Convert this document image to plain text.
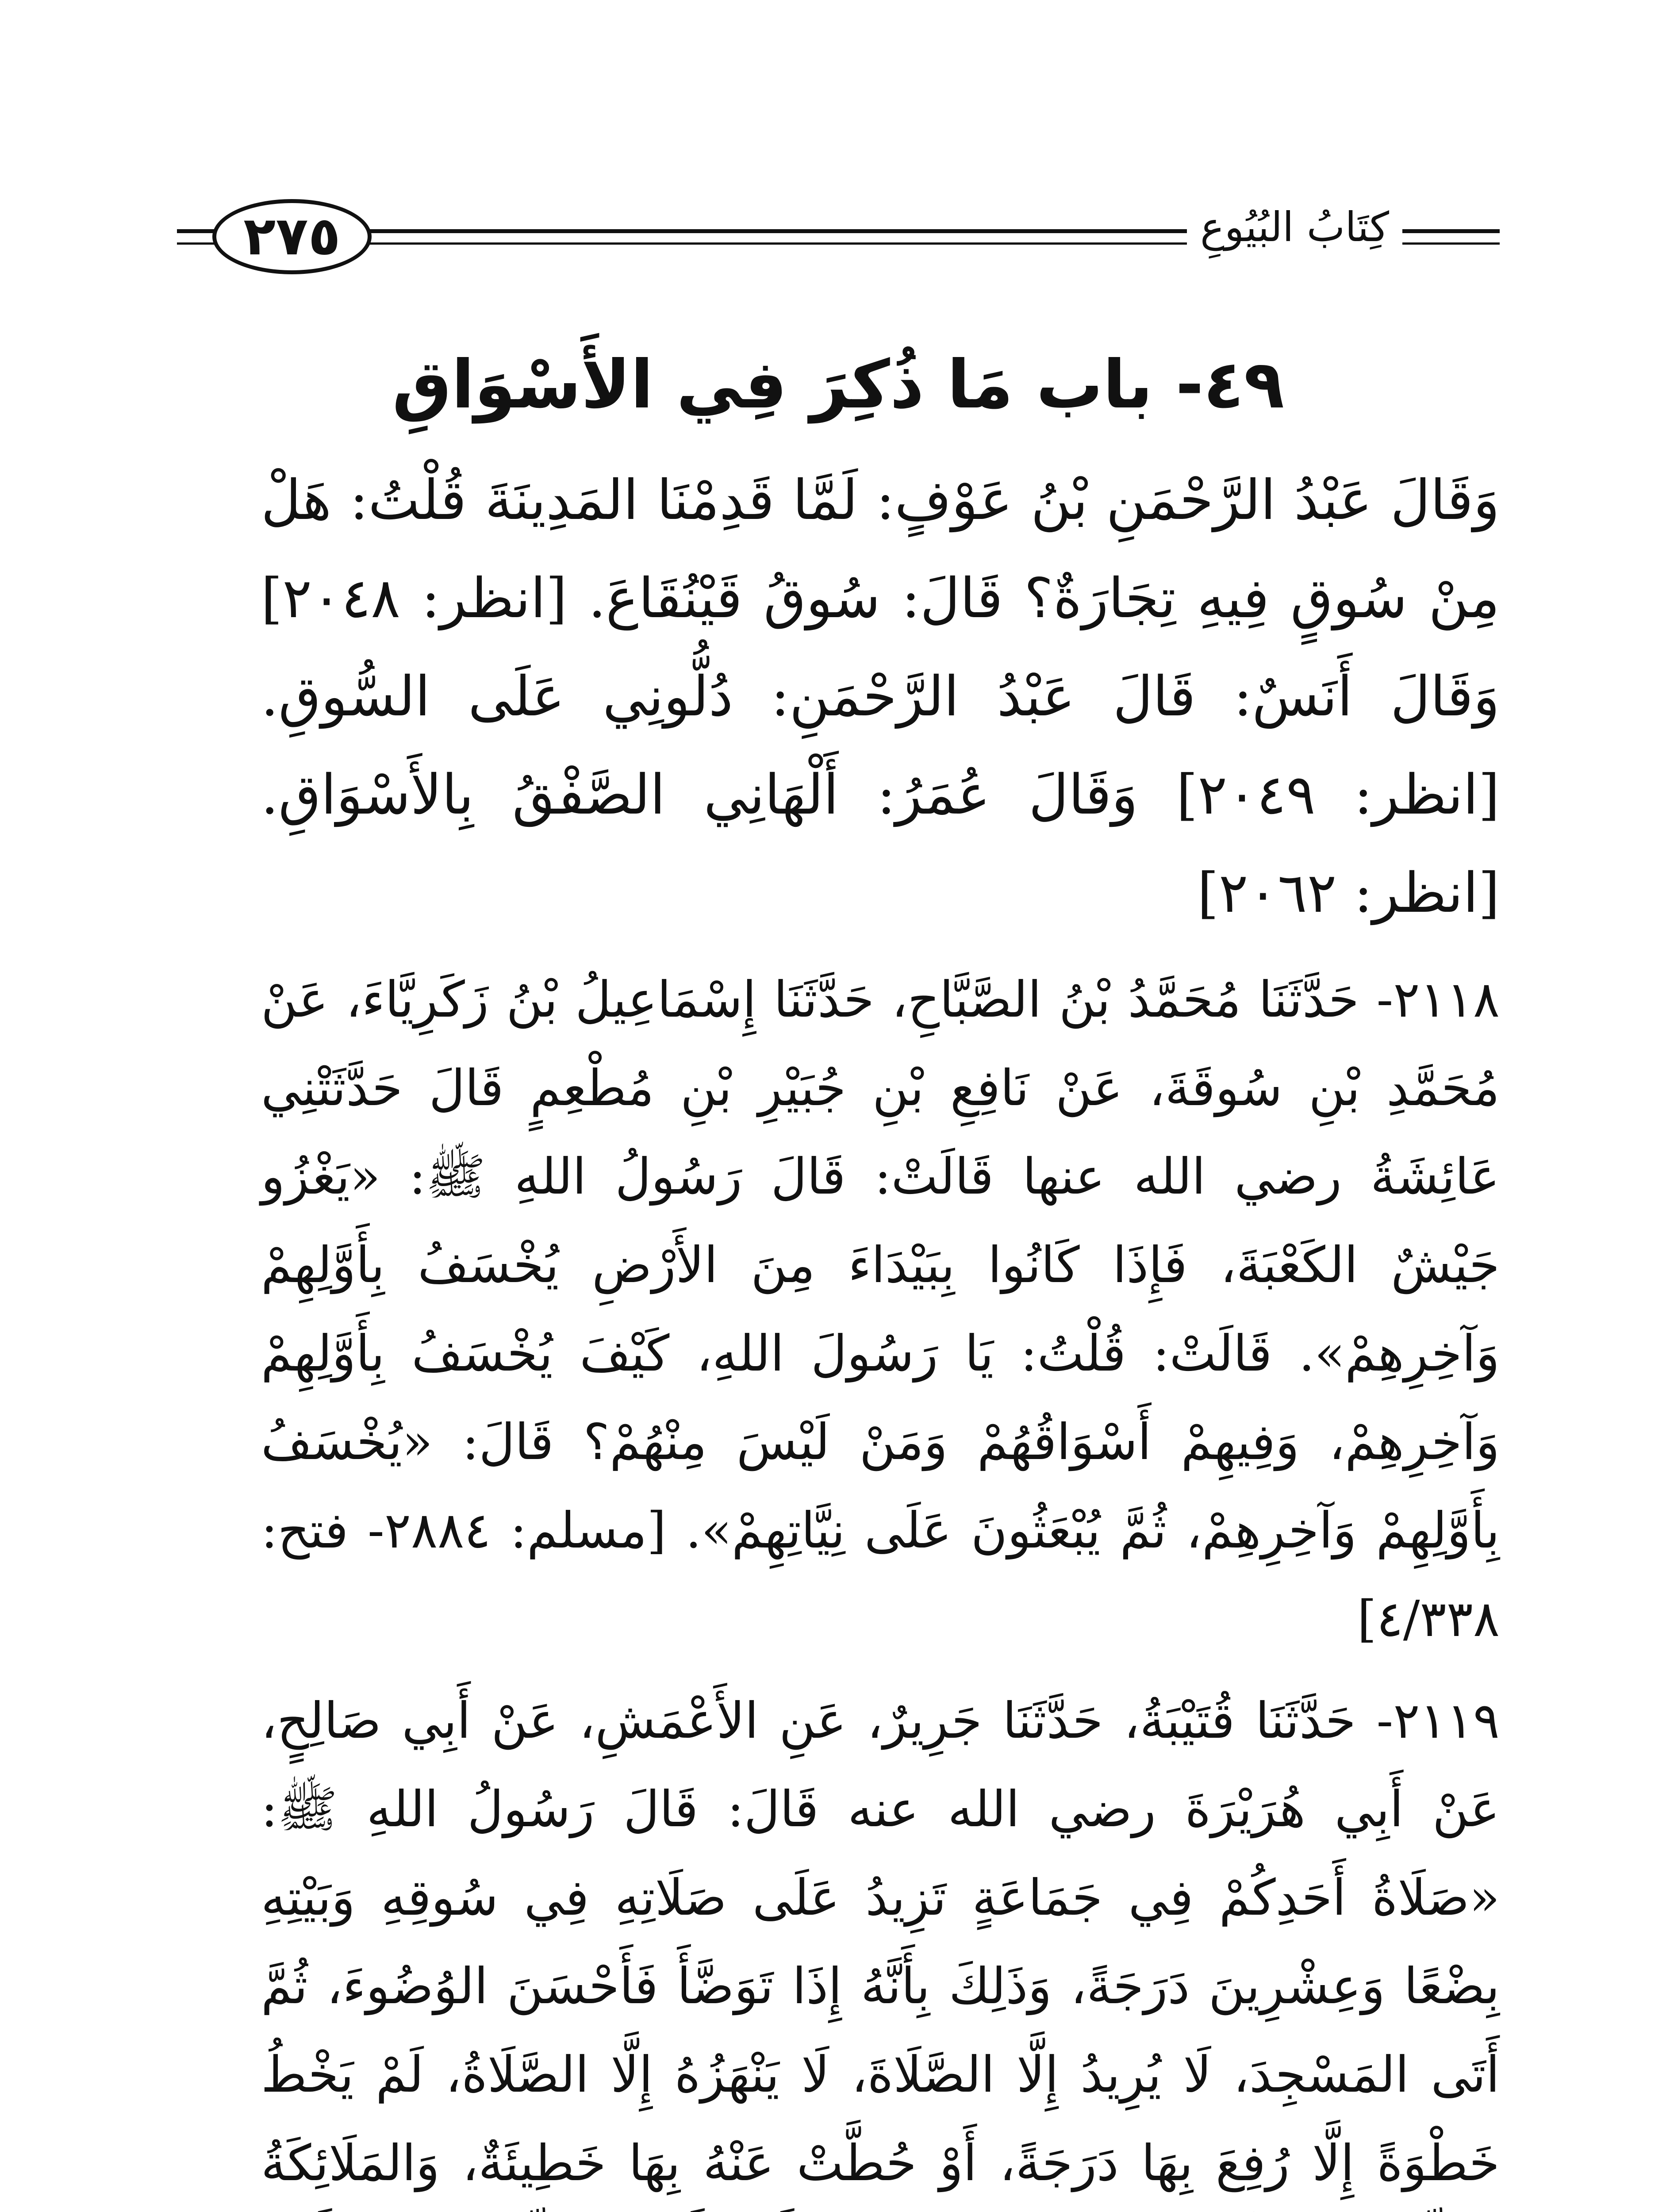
٢٧٥	كِتَابُ البُيُوعِ
٤٩- باب مَا ذُكِرَ فِي الأَسْوَاقِ

وَقَالَ عَبْدُ الرَّحْمَنِ بْنُ عَوْفٍ: لَمَّا قَدِمْنَا المَدِينَةَ قُلْتُ: هَلْ مِنْ سُوقٍ فِيهِ تِجَارَةٌ؟ قَالَ: سُوقُ قَيْنُقَاعَ. [انظر: ٢٠٤٨] وَقَالَ أَنَسٌ: قَالَ عَبْدُ الرَّحْمَنِ: دُلُّونِي عَلَى السُّوقِ. [انظر: ٢٠٤٩] وَقَالَ عُمَرُ: أَلْهَانِي الصَّفْقُ بِالأَسْوَاقِ. [انظر: ٢٠٦٢]

٢١١٨- حَدَّثَنَا مُحَمَّدُ بْنُ الصَّبَّاحِ، حَدَّثَنَا إِسْمَاعِيلُ بْنُ زَكَرِيَّاءَ، عَنْ مُحَمَّدِ بْنِ سُوقَةَ، عَنْ نَافِعِ بْنِ جُبَيْرِ بْنِ مُطْعِمٍ قَالَ حَدَّثَتْنِي عَائِشَةُ رضي الله عنها قَالَتْ: قَالَ رَسُولُ اللهِ ﷺ: «يَغْزُو جَيْشٌ الكَعْبَةَ، فَإِذَا كَانُوا بِبَيْدَاءَ مِنَ الأَرْضِ يُخْسَفُ بِأَوَّلِهِمْ وَآخِرِهِمْ». قَالَتْ: قُلْتُ: يَا رَسُولَ اللهِ، كَيْفَ يُخْسَفُ بِأَوَّلِهِمْ وَآخِرِهِمْ، وَفِيهِمْ أَسْوَاقُهُمْ وَمَنْ لَيْسَ مِنْهُمْ؟ قَالَ: «يُخْسَفُ بِأَوَّلِهِمْ وَآخِرِهِمْ، ثُمَّ يُبْعَثُونَ عَلَى نِيَّاتِهِمْ». [مسلم: ٢٨٨٤- فتح: ٤/٣٣٨]

٢١١٩- حَدَّثَنَا قُتَيْبَةُ، حَدَّثَنَا جَرِيرٌ، عَنِ الأَعْمَشِ، عَنْ أَبِي صَالِحٍ، عَنْ أَبِي هُرَيْرَةَ رضي الله عنه قَالَ: قَالَ رَسُولُ اللهِ ﷺ: «صَلَاةُ أَحَدِكُمْ فِي جَمَاعَةٍ تَزِيدُ عَلَى صَلَاتِهِ فِي سُوقِهِ وَبَيْتِهِ بِضْعًا وَعِشْرِينَ دَرَجَةً، وَذَلِكَ بِأَنَّهُ إِذَا تَوَضَّأَ فَأَحْسَنَ الوُضُوءَ، ثُمَّ أَتَى المَسْجِدَ، لَا يُرِيدُ إِلَّا الصَّلَاةَ، لَا يَنْهَزُهُ إِلَّا الصَّلَاةُ، لَمْ يَخْطُ خَطْوَةً إِلَّا رُفِعَ بِهَا دَرَجَةً، أَوْ حُطَّتْ عَنْهُ بِهَا خَطِيئَةٌ، وَالمَلَائِكَةُ
